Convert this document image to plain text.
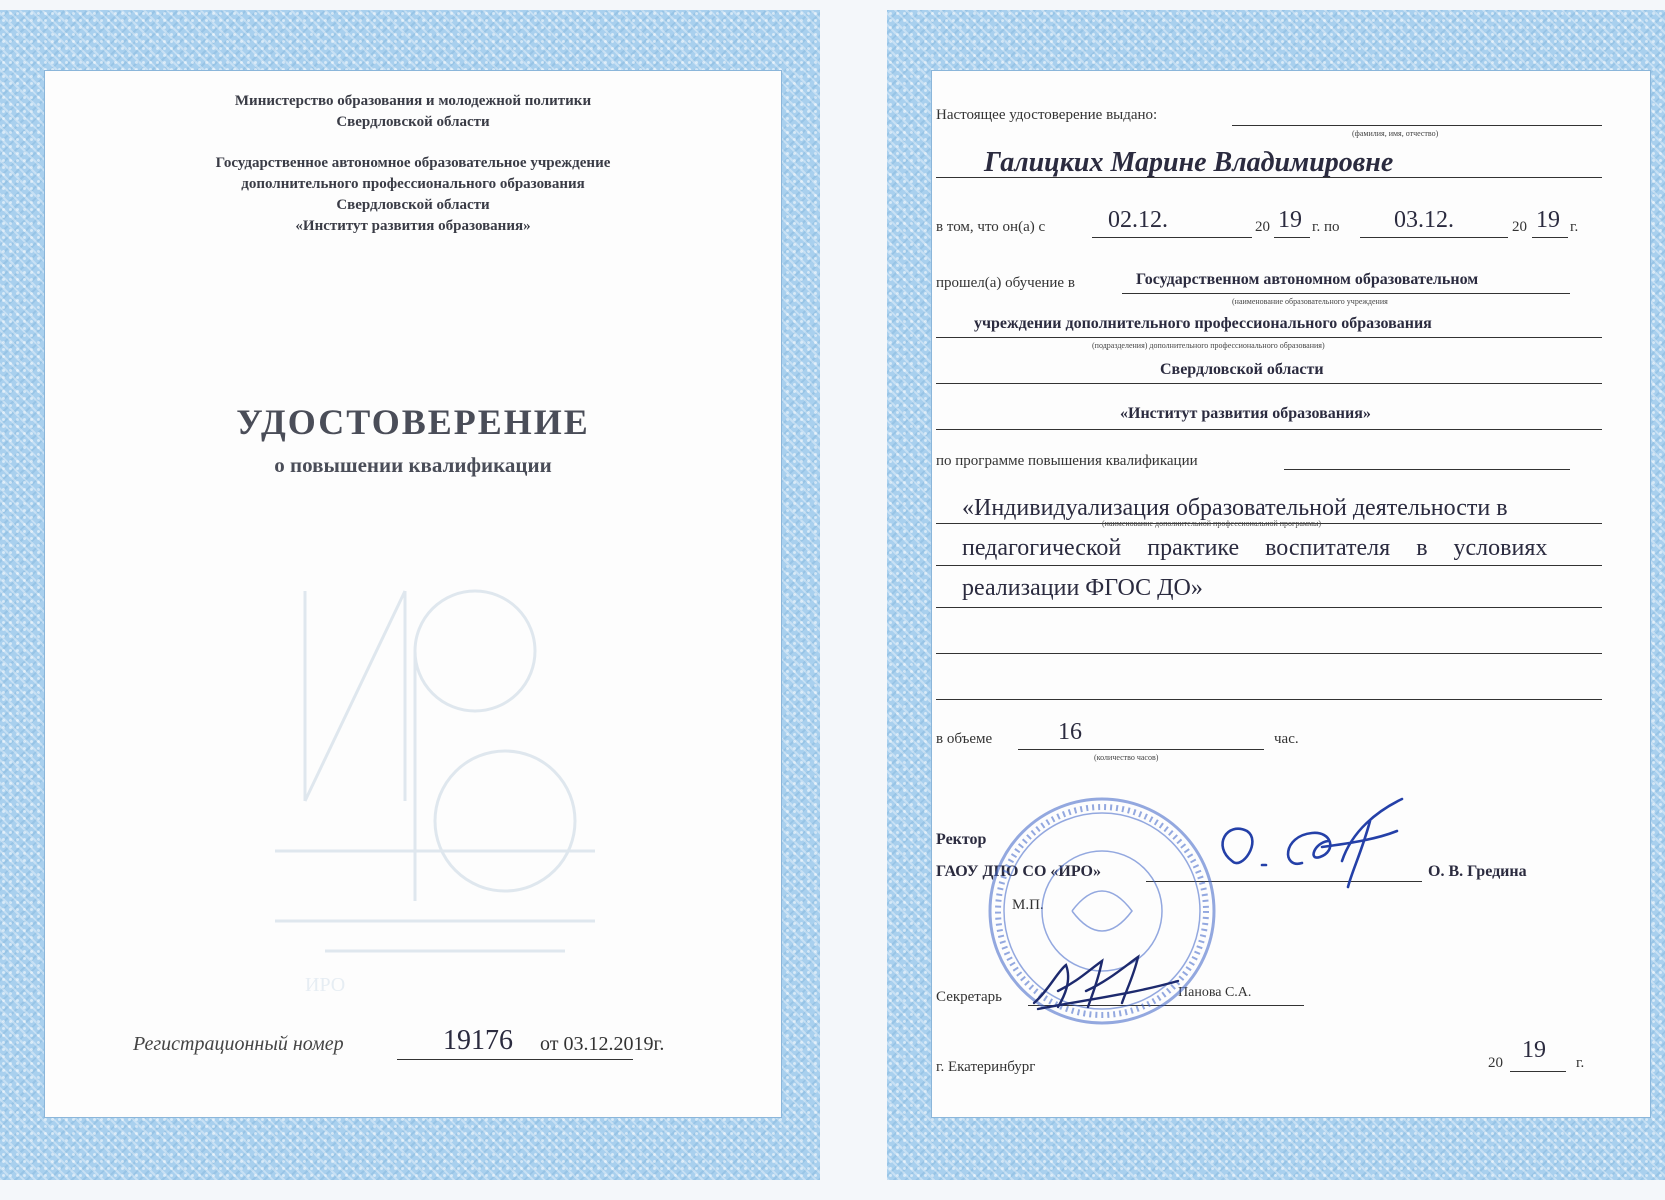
ИРО
Министерство образования и молодежной политики
Свердловской области
Государственное автономное образовательное учреждение
дополнительного профессионального образования
Свердловской области
«Институт развития образования»
УДОСТОВЕРЕНИЕ
о повышении квалификации
Регистрационный номер	19176 от 03.12.2019г.
Настоящее удостоверение выдано:
(фамилия, имя, отчество)
Галицких Марине Владимировне
в том, что он(а) с	02.12.	20 19 г. по 03.12.	20 19 г.
прошел(а) обучение в	Государственном автономном образовательном
(наименование образовательного учреждения
учреждении дополнительного профессионального образования
(подразделения) дополнительного профессионального образования)
Свердловской области
«Институт развития образования»
по программе повышения квалификации
«Индивидуализация образовательной деятельности в
(наименование дополнительной профессиональной программы)
педагогической практике воспитателя в условиях
реализации ФГОС ДО»
в объеме	16
(количество часов)
час.
Ректор
ГАОУ ДПО СО «ИРО»	О. В. Гредина
М.П.
Секретарь	Панова С.А.
г. Екатеринбург	20 19 г.
